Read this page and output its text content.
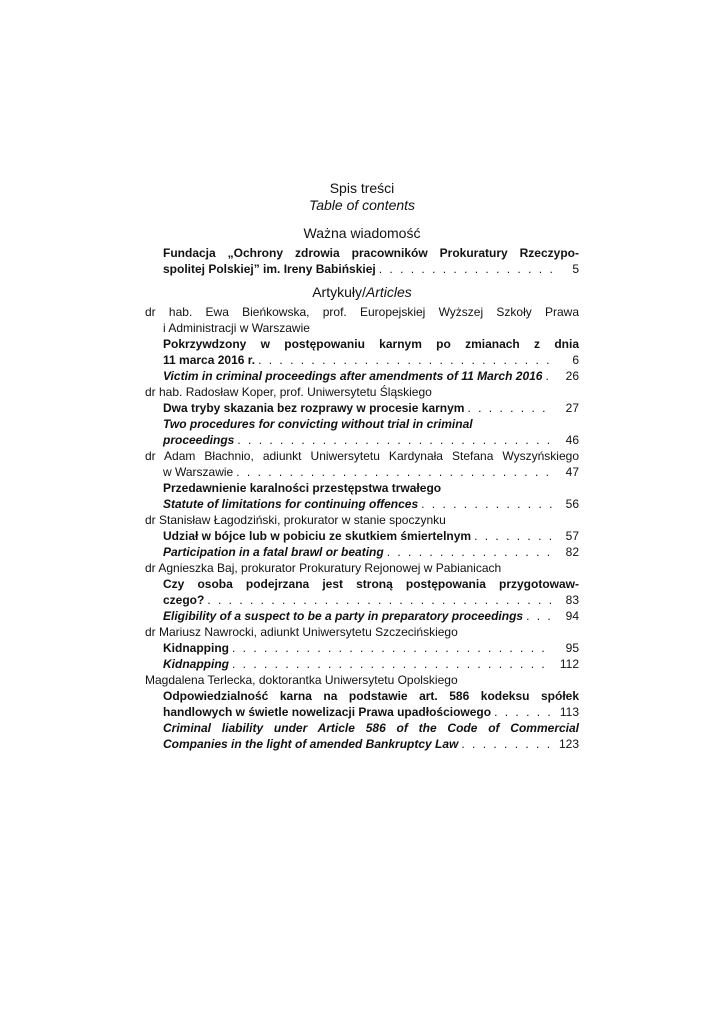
Spis treści
Table of contents
Ważna wiadomość
Fundacja „Ochrony zdrowia pracowników Prokuratury Rzeczypo-
spolitej Polskiej” im. Ireny Babińskiej . . .	5
Artykuły/Articles
dr hab. Ewa Bieńkowska, prof. Europejskiej Wyższej Szkoły Prawa
i Administracji w Warszawie
Pokrzywdzony w postępowaniu karnym po zmianach z dnia
11 marca 2016 r. . . .	6
Victim in criminal proceedings after amendments of 11 March 2016 . . .	26
dr hab. Radosław Koper, prof. Uniwersytetu Śląskiego
Dwa tryby skazania bez rozprawy w procesie karnym . . .	27
Two procedures for convicting without trial in criminal
proceedings . . .	46
dr Adam Błachnio, adiunkt Uniwersytetu Kardynała Stefana Wyszyńskiego
w Warszawie . . .	47
Przedawnienie karalności przestępstwa trwałego
Statute of limitations for continuing offences . . .	56
dr Stanisław Łagodziński, prokurator w stanie spoczynku
Udział w bójce lub w pobiciu ze skutkiem śmiertelnym . . .	57
Participation in a fatal brawl or beating . . .	82
dr Agnieszka Baj, prokurator Prokuratury Rejonowej w Pabianicach
Czy osoba podejrzana jest stroną postępowania przygotowaw-
czego? . . .	83
Eligibility of a suspect to be a party in preparatory proceedings . . .	94
dr Mariusz Nawrocki, adiunkt Uniwersytetu Szczecińskiego
Kidnapping . . .	95
Kidnapping . . .	112
Magdalena Terlecka, doktorantka Uniwersytetu Opolskiego
Odpowiedzialność karna na podstawie art. 586 kodeksu spółek
handlowych w świetle nowelizacji Prawa upadłościowego . . .	113
Criminal liability under Article 586 of the Code of Commercial
Companies in the light of amended Bankruptcy Law . . .	123
